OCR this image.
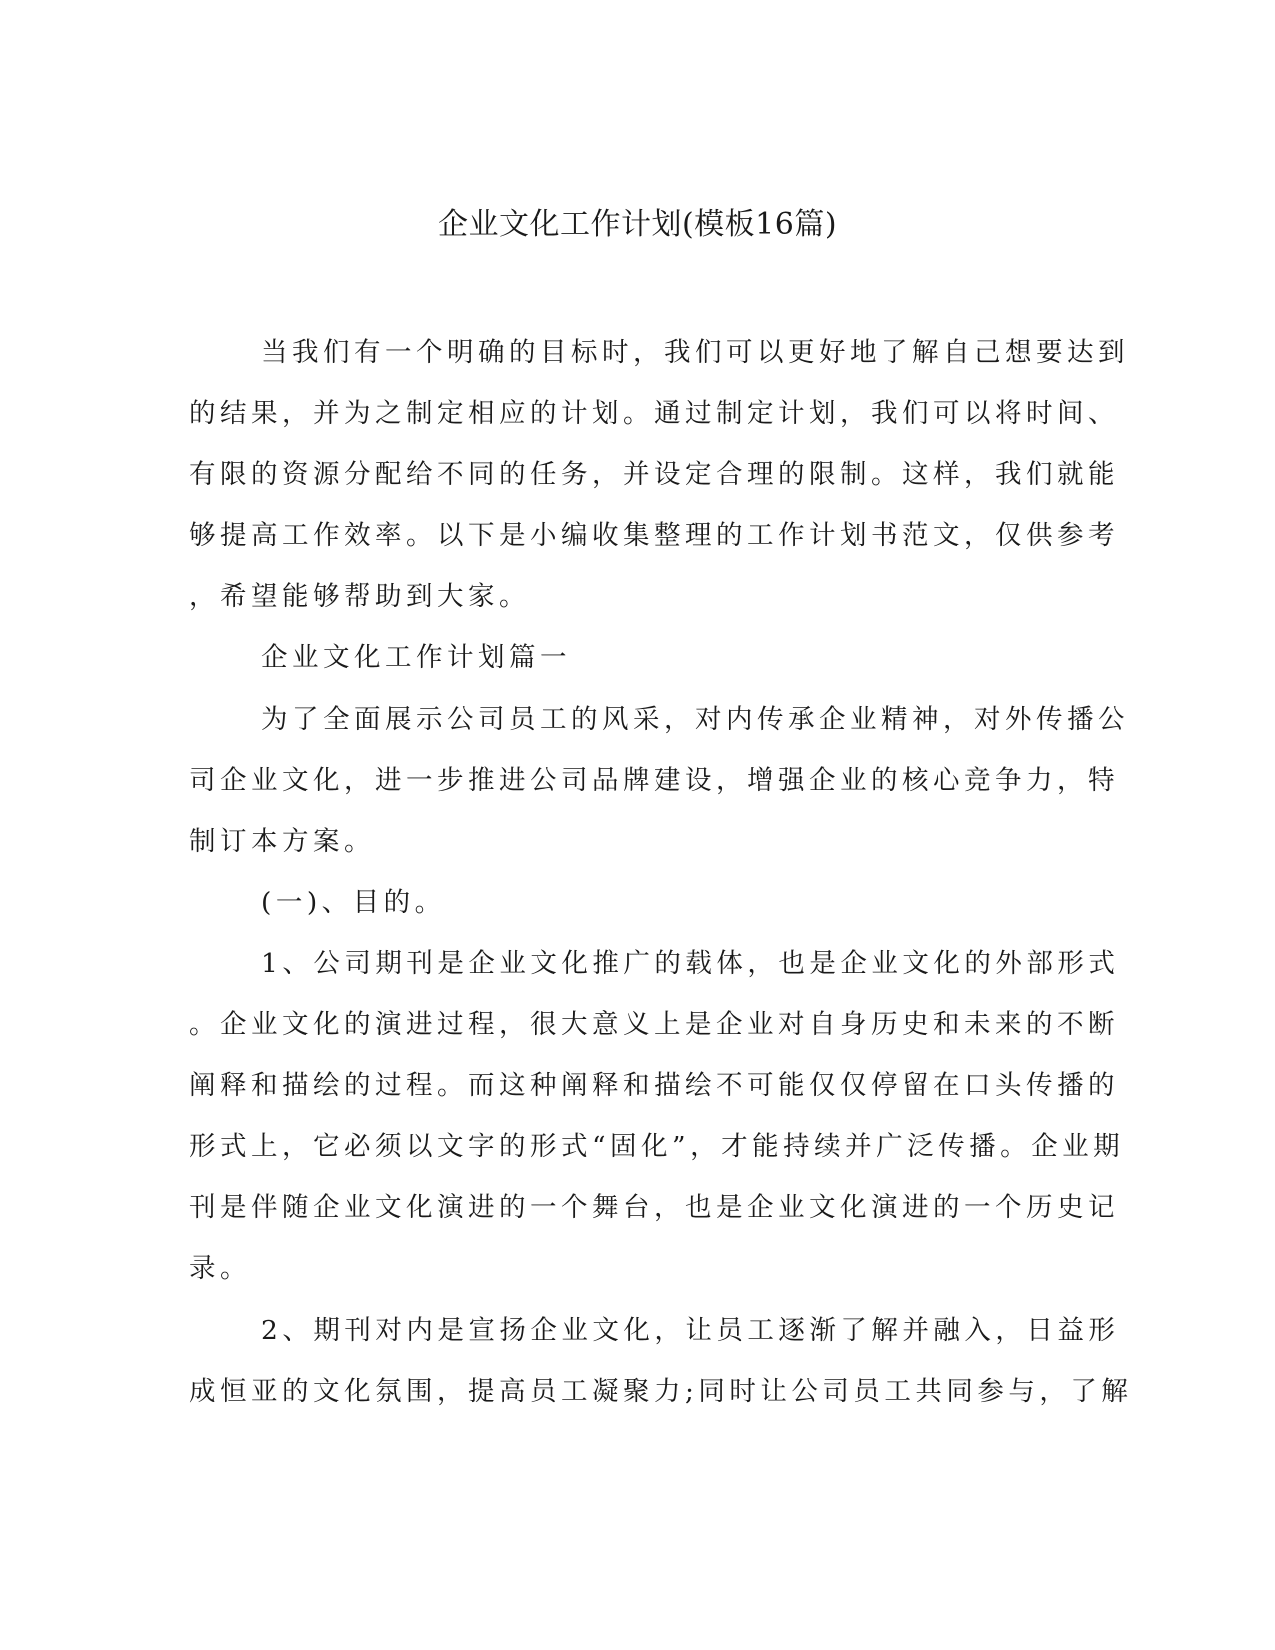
企业文化工作计划(模板16篇)
当我们有一个明确的目标时，我们可以更好地了解自己想要达到
的结果，并为之制定相应的计划。通过制定计划，我们可以将时间、
有限的资源分配给不同的任务，并设定合理的限制。这样，我们就能
够提高工作效率。以下是小编收集整理的工作计划书范文，仅供参考
，希望能够帮助到大家。
企业文化工作计划篇一
为了全面展示公司员工的风采，对内传承企业精神，对外传播公
司企业文化，进一步推进公司品牌建设，增强企业的核心竞争力，特
制订本方案。
(一)、目的。
1、公司期刊是企业文化推广的载体，也是企业文化的外部形式
。企业文化的演进过程，很大意义上是企业对自身历史和未来的不断
阐释和描绘的过程。而这种阐释和描绘不可能仅仅停留在口头传播的
形式上，它必须以文字的形式“固化”，才能持续并广泛传播。企业期
刊是伴随企业文化演进的一个舞台，也是企业文化演进的一个历史记
录。
2、期刊对内是宣扬企业文化，让员工逐渐了解并融入，日益形
成恒亚的文化氛围，提高员工凝聚力;同时让公司员工共同参与，了解
